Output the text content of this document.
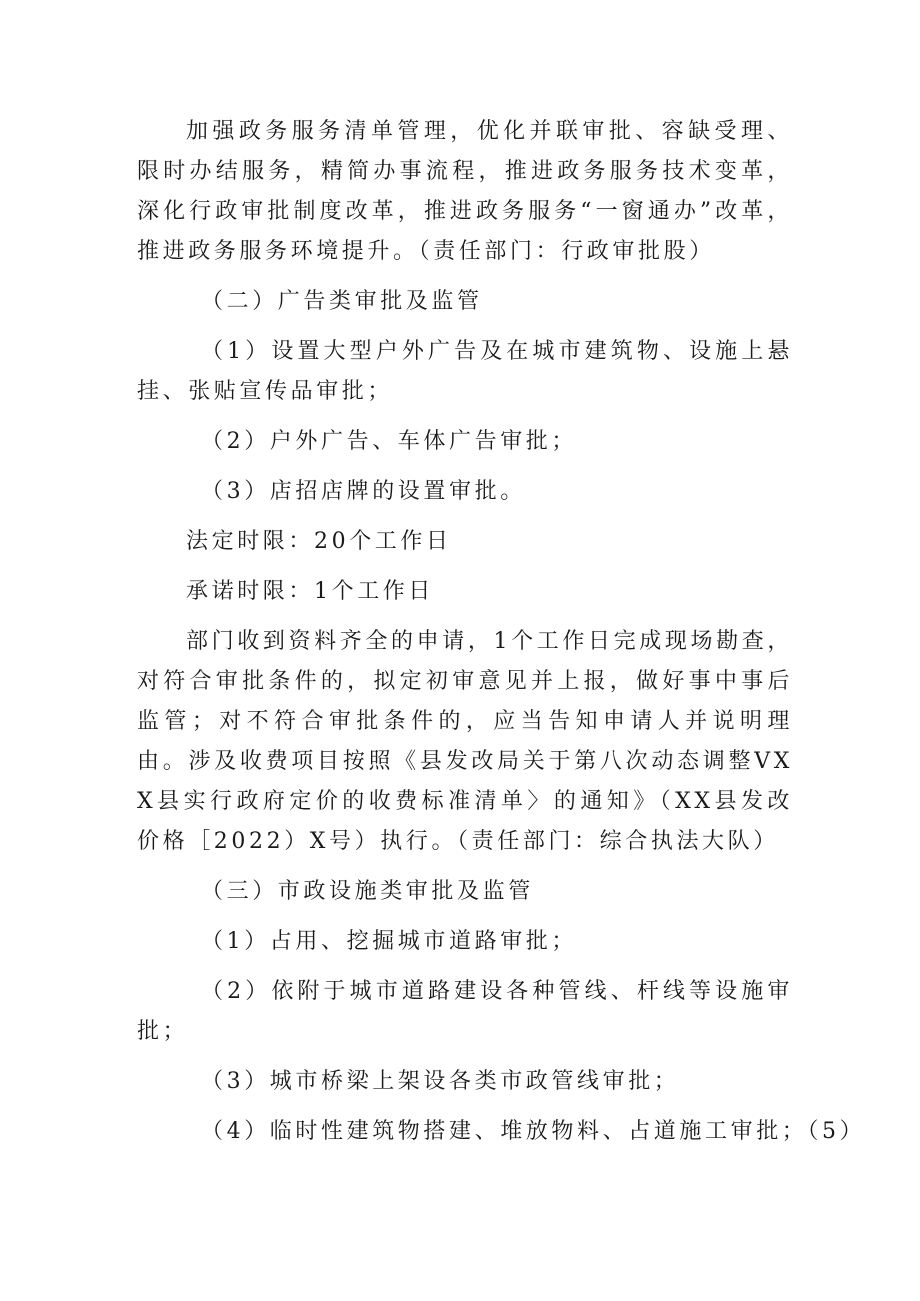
加强政务服务清单管理，优化并联审批、容缺受理、限时办结服务，精简办事流程，推进政务服务技术变革，深化行政审批制度改革，推进政务服务“一窗通办”改革，推进政务服务环境提升。（责任部门：行政审批股）

（二）广告类审批及监管

（1）设置大型户外广告及在城市建筑物、设施上悬挂、张贴宣传品审批；

（2）户外广告、车体广告审批；

（3）店招店牌的设置审批。

法定时限：20个工作日

承诺时限：1个工作日

部门收到资料齐全的申请，1个工作日完成现场勘查，对符合审批条件的，拟定初审意见并上报，做好事中事后监管；对不符合审批条件的，应当告知申请人并说明理由。涉及收费项目按照《县发改局关于第八次动态调整VXX县实行政府定价的收费标准清单〉的通知》（XX县发改价格［2022）X号）执行。（责任部门：综合执法大队）

（三）市政设施类审批及监管

（1）占用、挖掘城市道路审批；

（2）依附于城市道路建设各种管线、杆线等设施审批；

（3）城市桥梁上架设各类市政管线审批；

（4）临时性建筑物搭建、堆放物料、占道施工审批；（5）
